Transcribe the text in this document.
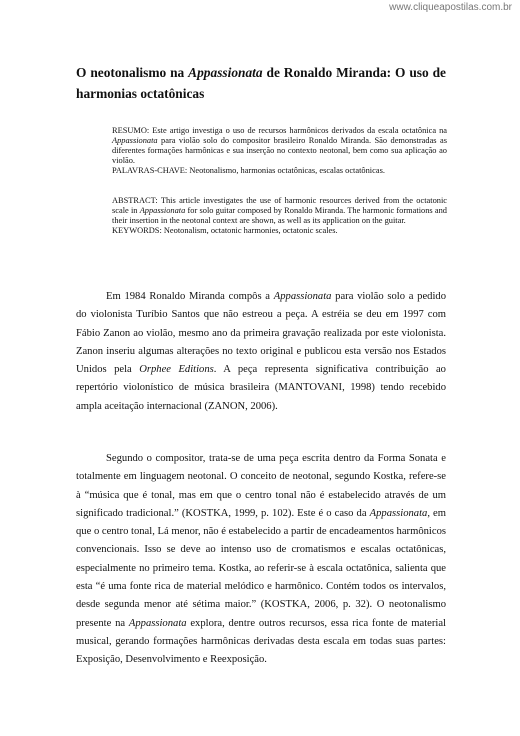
www.cliqueapostilas.com.br
O neotonalismo na Appassionata de Ronaldo Miranda: O uso de harmonias octatônicas

RESUMO: Este artigo investiga o uso de recursos harmônicos derivados da escala octatônica na Appassionata para violão solo do compositor brasileiro Ronaldo Miranda. São demonstradas as diferentes formações harmônicas e sua inserção no contexto neotonal, bem como sua aplicação ao violão.

PALAVRAS-CHAVE: Neotonalismo, harmonias octatônicas, escalas octatônicas.

ABSTRACT: This article investigates the use of harmonic resources derived from the octatonic scale in Appassionata for solo guitar composed by Ronaldo Miranda. The harmonic formations and their insertion in the neotonal context are shown, as well as its application on the guitar.

KEYWORDS: Neotonalism, octatonic harmonies, octatonic scales.

Em 1984 Ronaldo Miranda compôs a Appassionata para violão solo a pedido do violonista Turíbio Santos que não estreou a peça. A estréia se deu em 1997 com Fábio Zanon ao violão, mesmo ano da primeira gravação realizada por este violonista. Zanon inseriu algumas alterações no texto original e publicou esta versão nos Estados Unidos pela Orphee Editions. A peça representa significativa contribuição ao repertório violonístico de música brasileira (MANTOVANI, 1998) tendo recebido ampla aceitação internacional (ZANON, 2006).

Segundo o compositor, trata-se de uma peça escrita dentro da Forma Sonata e totalmente em linguagem neotonal. O conceito de neotonal, segundo Kostka, refere-se à “música que é tonal, mas em que o centro tonal não é estabelecido através de um significado tradicional.” (KOSTKA, 1999, p. 102). Este é o caso da Appassionata, em que o centro tonal, Lá menor, não é estabelecido a partir de encadeamentos harmônicos convencionais. Isso se deve ao intenso uso de cromatismos e escalas octatônicas, especialmente no primeiro tema. Kostka, ao referir-se à escala octatônica, salienta que esta “é uma fonte rica de material melódico e harmônico. Contém todos os intervalos, desde segunda menor até sétima maior.” (KOSTKA, 2006, p. 32). O neotonalismo presente na Appassionata explora, dentre outros recursos, essa rica fonte de material musical, gerando formações harmônicas derivadas desta escala em todas suas partes: Exposição, Desenvolvimento e Reexposição.
